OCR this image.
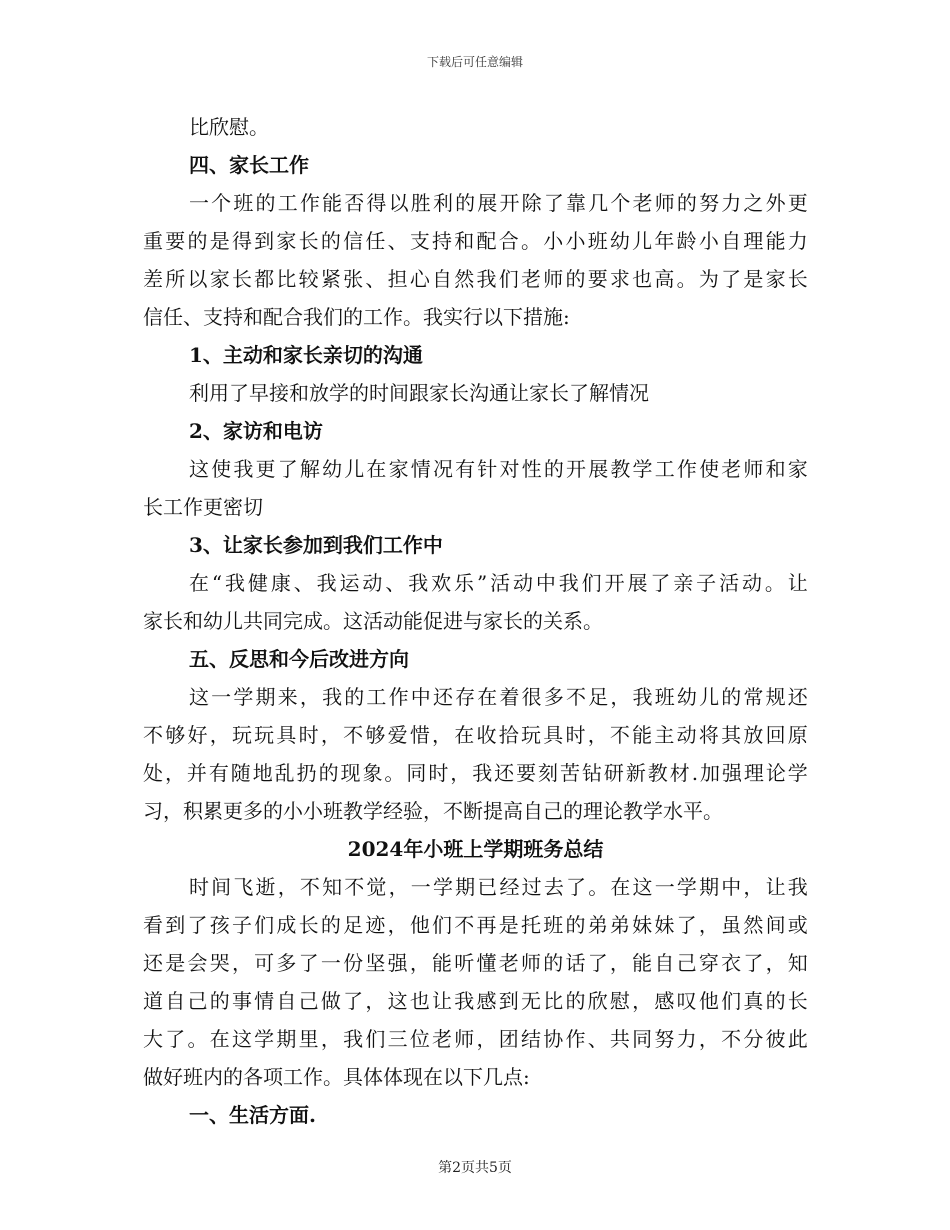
下载后可任意编辑
比欣慰。
四、家长工作
一个班的工作能否得以胜利的展开除了靠几个老师的努力之外更
重要的是得到家长的信任、支持和配合。小小班幼儿年龄小自理能力
差所以家长都比较紧张、担心自然我们老师的要求也高。为了是家长
信任、支持和配合我们的工作。我实行以下措施:
1、主动和家长亲切的沟通
利用了早接和放学的时间跟家长沟通让家长了解情况
2、家访和电访
这使我更了解幼儿在家情况有针对性的开展教学工作使老师和家
长工作更密切
3、让家长参加到我们工作中
在“我健康、我运动、我欢乐”活动中我们开展了亲子活动。让
家长和幼儿共同完成。这活动能促进与家长的关系。
五、反思和今后改进方向
这一学期来，我的工作中还存在着很多不足，我班幼儿的常规还
不够好，玩玩具时，不够爱惜，在收拾玩具时，不能主动将其放回原
处，并有随地乱扔的现象。同时，我还要刻苦钻研新教材.加强理论学
习，积累更多的小小班教学经验，不断提高自己的理论教学水平。
2024年小班上学期班务总结
时间飞逝，不知不觉，一学期已经过去了。在这一学期中，让我
看到了孩子们成长的足迹，他们不再是托班的弟弟妹妹了，虽然间或
还是会哭，可多了一份坚强，能听懂老师的话了，能自己穿衣了，知
道自己的事情自己做了，这也让我感到无比的欣慰，感叹他们真的长
大了。在这学期里，我们三位老师，团结协作、共同努力，不分彼此
做好班内的各项工作。具体体现在以下几点:
一、生活方面.
第2页共5页
